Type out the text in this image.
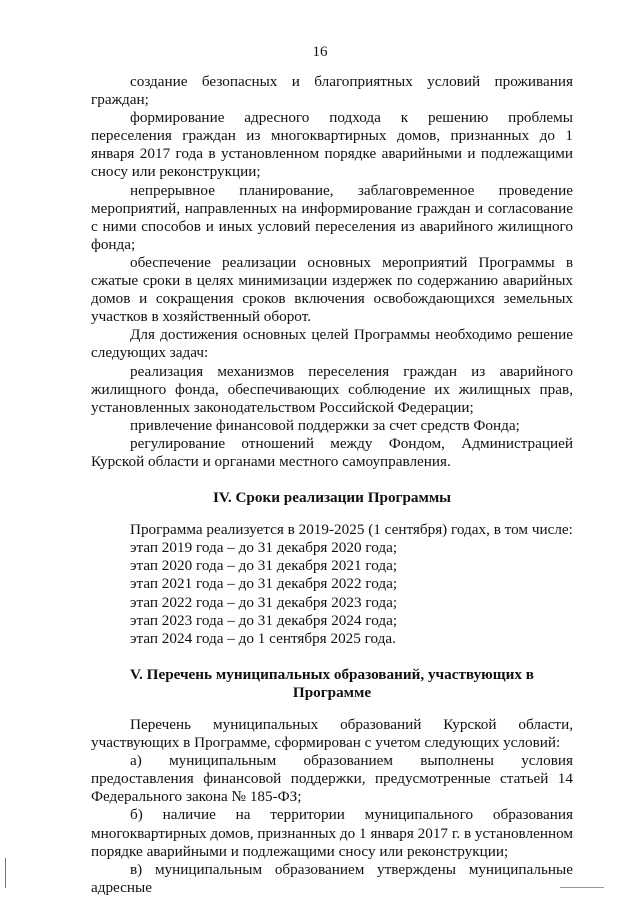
16

создание безопасных и благоприятных условий проживания граждан;

формирование адресного подхода к решению проблемы переселения граждан из многоквартирных домов, признанных до 1 января 2017 года в установленном порядке аварийными и подлежащими сносу или реконструкции;

непрерывное планирование, заблаговременное проведение мероприятий, направленных на информирование граждан и согласование с ними способов и иных условий переселения из аварийного жилищного фонда;

обеспечение реализации основных мероприятий Программы в сжатые сроки в целях минимизации издержек по содержанию аварийных домов и сокращения сроков включения освобождающихся земельных участков в хозяйственный оборот.

Для достижения основных целей Программы необходимо решение следующих задач:

реализация механизмов переселения граждан из аварийного жилищного фонда, обеспечивающих соблюдение их жилищных прав, установленных законодательством Российской Федерации;

привлечение финансовой поддержки за счет средств Фонда;

регулирование отношений между Фондом, Администрацией Курской области и органами местного самоуправления.

IV. Сроки реализации Программы

Программа реализуется в 2019-2025 (1 сентября) годах, в том числе:

этап 2019 года – до 31 декабря 2020 года;

этап 2020 года – до 31 декабря 2021 года;

этап 2021 года – до 31 декабря 2022 года;

этап 2022 года – до 31 декабря 2023 года;

этап 2023 года – до 31 декабря 2024 года;

этап 2024 года – до 1 сентября 2025 года.

V. Перечень муниципальных образований, участвующих в Программе

Перечень муниципальных образований Курской области, участвующих в Программе, сформирован с учетом следующих условий:

а) муниципальным образованием выполнены условия предоставления финансовой поддержки, предусмотренные статьей 14 Федерального закона № 185-ФЗ;

б) наличие на территории муниципального образования многоквартирных домов, признанных до 1 января 2017 г. в установленном порядке аварийными и подлежащими сносу или реконструкции;

в) муниципальным образованием утверждены муниципальные адресные
